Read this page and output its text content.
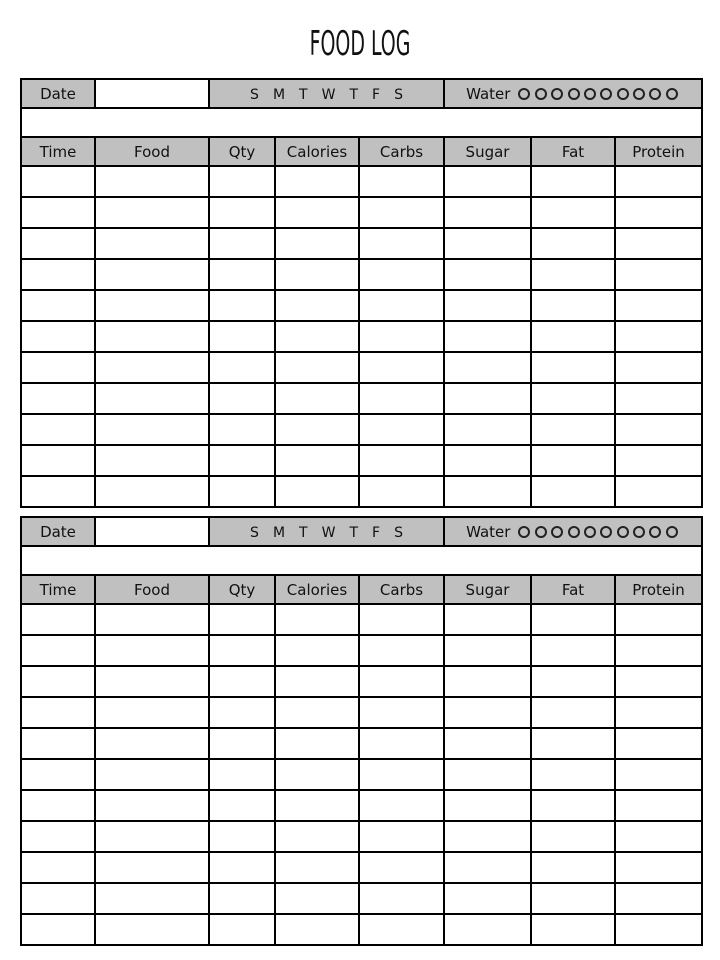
FOOD LOG
Date		S M T W T F S			Water		

Time	Food	Qty	Calories	Carbs	Sugar	Fat	Protein

Date		S M T W T F S			Water		

Time	Food	Qty	Calories	Carbs	Sugar	Fat	Protein
